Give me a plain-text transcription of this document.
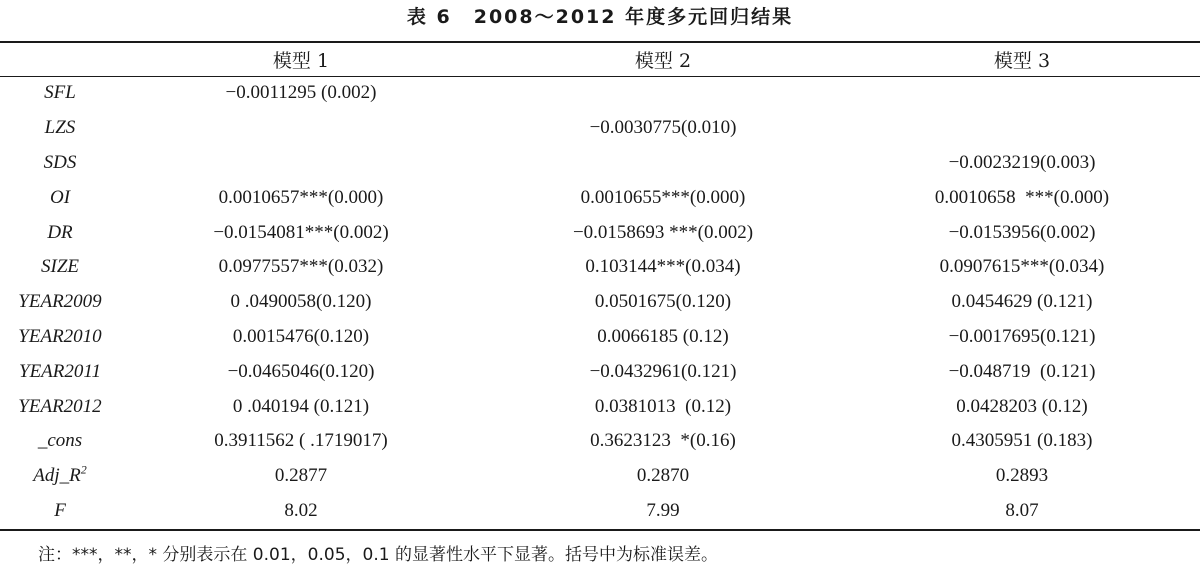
表 6 2008～2012 年度多元回归结果
	模型 1	模型 2	模型 3
SFL	−0.0011295 (0.002)		
LZS		−0.0030775(0.010)	
SDS			−0.0023219(0.003)
OI	0.0010657***(0.000)	0.0010655***(0.000)	0.0010658  ***(0.000)
DR	−0.0154081***(0.002)	−0.0158693 ***(0.002)	−0.0153956(0.002)
SIZE	0.0977557***(0.032)	0.103144***(0.034)	0.0907615***(0.034)
YEAR2009	0 .0490058(0.120)	0.0501675(0.120)	0.0454629 (0.121)
YEAR2010	0.0015476(0.120)	0.0066185 (0.12)	−0.0017695(0.121)
YEAR2011	−0.0465046(0.120)	−0.0432961(0.121)	−0.048719  (0.121)
YEAR2012	0 .040194 (0.121)	0.0381013  (0.12)	0.0428203 (0.12)
_cons	0.3911562 ( .1719017)	0.3623123  *(0.16)	0.4305951 (0.183)
$Adj\_R^2$	0.2877	0.2870	0.2893
F	8.02	7.99	8.07
注：***，**，* 分别表示在 0.01，0.05，0.1 的显著性水平下显著。括号中为标准误差。
